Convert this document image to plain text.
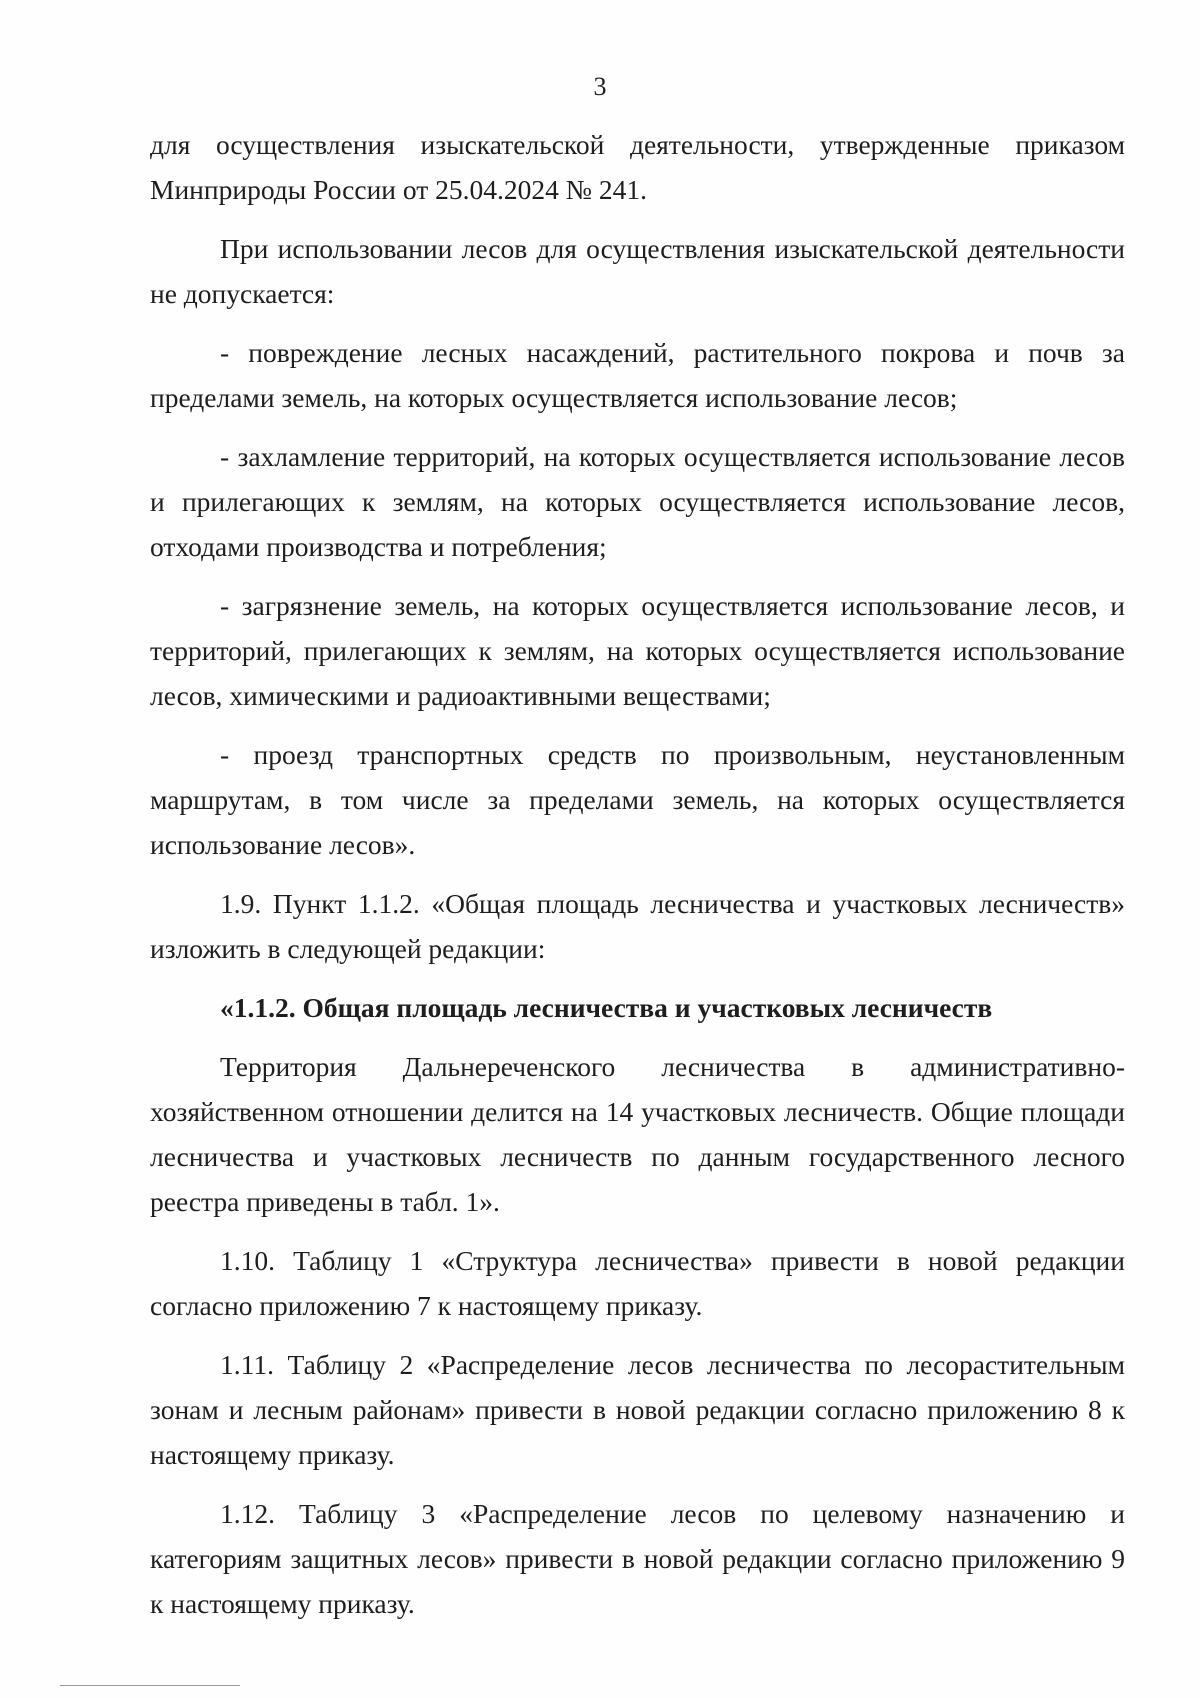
3

для осуществления изыскательской деятельности, утвержденные приказом Минприроды России от 25.04.2024 № 241.

При использовании лесов для осуществления изыскательской деятельности не допускается:

- повреждение лесных насаждений, растительного покрова и почв за пределами земель, на которых осуществляется использование лесов;

- захламление территорий, на которых осуществляется использование лесов и прилегающих к землям, на которых осуществляется использование лесов, отходами производства и потребления;

- загрязнение земель, на которых осуществляется использование лесов, и территорий, прилегающих к землям, на которых осуществляется использование лесов, химическими и радиоактивными веществами;

- проезд транспортных средств по произвольным, неустановленным маршрутам, в том числе за пределами земель, на которых осуществляется использование лесов».

1.9. Пункт 1.1.2. «Общая площадь лесничества и участковых лесничеств» изложить в следующей редакции:

«1.1.2. Общая площадь лесничества и участковых лесничеств

Территория Дальнереченского лесничества в административно-хозяйственном отношении делится на 14 участковых лесничеств. Общие площади лесничества и участковых лесничеств по данным государственного лесного реестра приведены в табл. 1».

1.10. Таблицу 1 «Структура лесничества» привести в новой редакции согласно приложению 7 к настоящему приказу.

1.11. Таблицу 2 «Распределение лесов лесничества по лесорастительным зонам и лесным районам» привести в новой редакции согласно приложению 8 к настоящему приказу.

1.12. Таблицу 3 «Распределение лесов по целевому назначению и категориям защитных лесов» привести в новой редакции согласно приложению 9 к настоящему приказу.
